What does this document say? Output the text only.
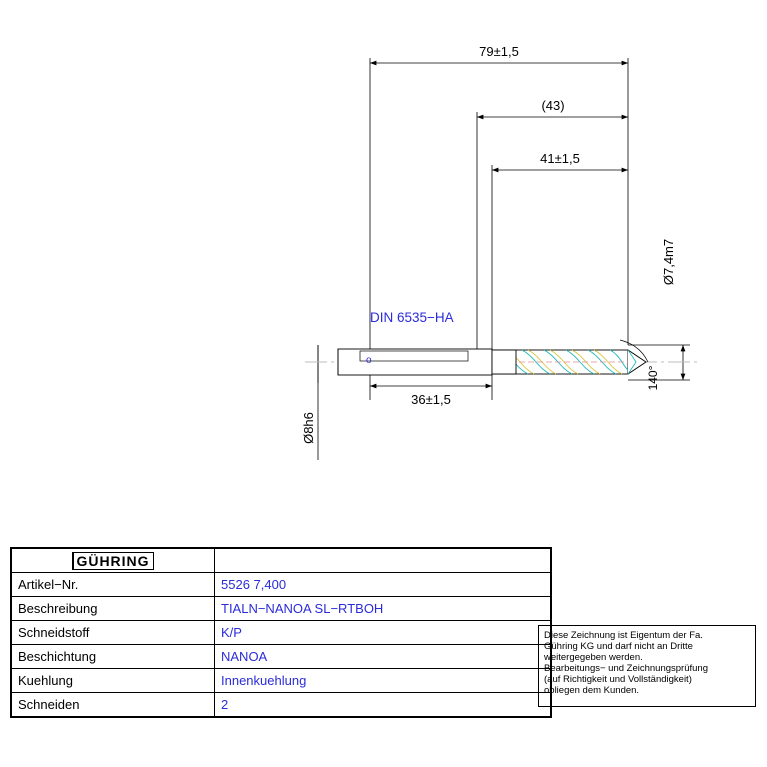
79±1,5
(43)
41±1,5
36±1,5
Ø7,4m7
Ø8h6
140°
DIN 6535−HA
o
GÜHRING	
Artikel−Nr.	5526 7,400
Beschreibung	TIALN−NANOA SL−RTBOH
Schneidstoff	K/P
Beschichtung	NANOA
Kuehlung	Innenkuehlung
Schneiden	2
Diese Zeichnung ist Eigentum der Fa.
Gühring KG und darf nicht an Dritte
weitergegeben werden.
Bearbeitungs− und Zeichnungsprüfung
(auf Richtigkeit und Vollständigkeit)
obliegen dem Kunden.
